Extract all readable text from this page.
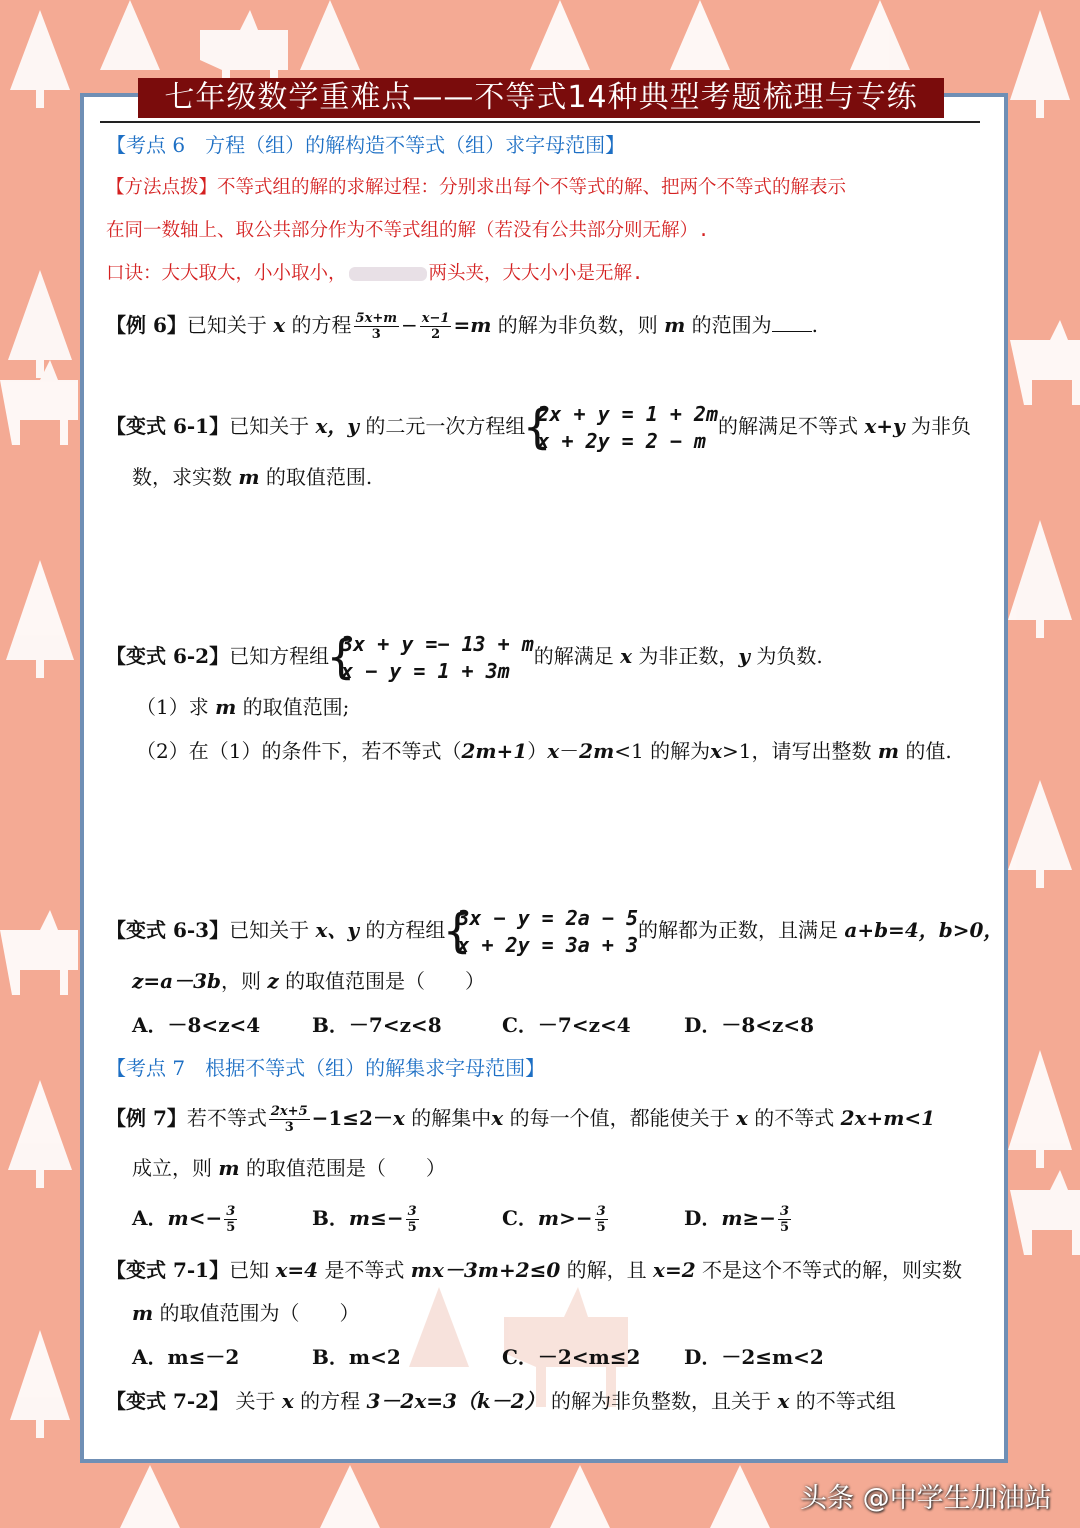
七年级数学重难点——不等式14种典型考题梳理与专练
【考点 6　方程（组）的解构造不等式（组）求字母范围】
【方法点拨】不等式组的解的求解过程：分别求出每个不等式的解、把两个不等式的解表示
在同一数轴上、取公共部分作为不等式组的解（若没有公共部分则无解）.
口诀：大大取大，小小取小，	两头夹，大大小小是无解.
【例 6】已知关于 x 的方程 $\frac{5x+m}{3} - \frac{x-1}{2} =m$ 的解为非负数，则 m 的范围为 .
【变式 6-1】已知关于 x，y 的二元一次方程组
{
2x + y = 1 + 2m
x + 2y = 2 − m
的解满足不等式 x+y 为非负
数，求实数 m 的取值范围.
【变式 6-2】已知方程组
{
3x + y =− 13 + m
x − y = 1 + 3m
的解满足 x 为非正数，y 为负数.
（1）求 m 的取值范围;
（2）在（1）的条件下，若不等式（2m+1）x－2m<1 的解为x>1，请写出整数 m 的值.
【变式 6-3】已知关于 x、y 的方程组
{
3x − y = 2a − 5
x + 2y = 3a + 3
的解都为正数，且满足 a+b=4，b>0，
z=a－3b，则 z 的取值范围是（　　）
A．－8<z<4	B．－7<z<8	C．－7<z<4	D．－8<z<8
【考点 7　根据不等式（组）的解集求字母范围】
【例 7】若不等式 $\frac{2x+5}{3} -1\le 2-x$ 的解集中x 的每一个值，都能使关于 x 的不等式 2x+m<1
成立，则 m 的取值范围是（　　）
A．$m<- \frac{3}{5}$	B．$m\le- \frac{3}{5}$	C．$m>- \frac{3}{5}$	D．$m\ge- \frac{3}{5}$
【变式 7-1】已知 x=4 是不等式 mx－3m+2≤0 的解，且 x=2 不是这个不等式的解，则实数
m 的取值范围为（　　）
A．m≤－2	B．m<2	C．－2<m≤2 D．－2≤m<2
【变式 7-2】 关于 x 的方程 3－2x=3（k－2） 的解为非负整数，且关于 x 的不等式组
头条 @中学生加油站
